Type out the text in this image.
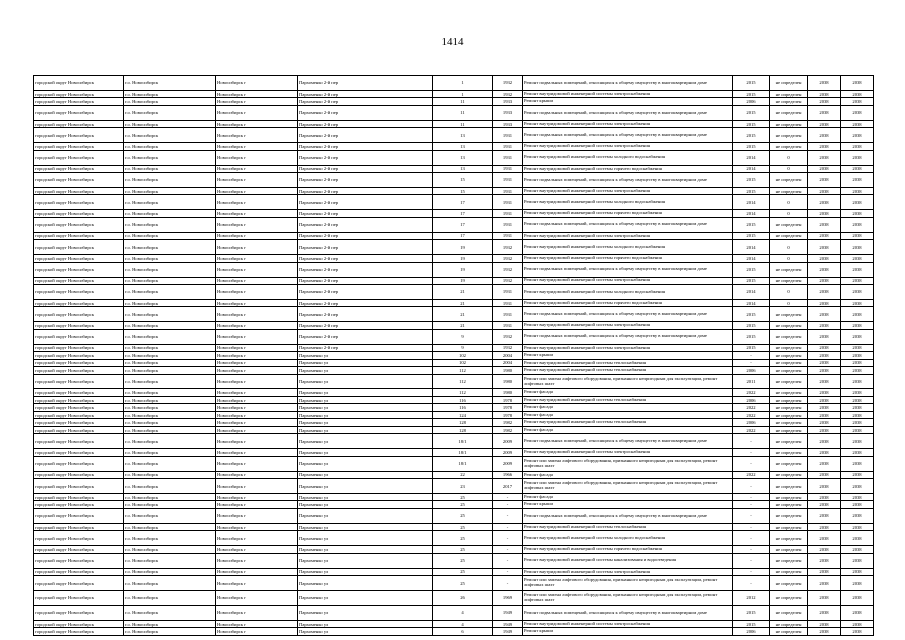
1414
городской округ Новосибирск	г.о. Новосибирск	Новосибирск г	Пархоменко 2-й пер	1	1932	Ремонт подвальных помещений, относящихся к общему имуществу в многоквартирном доме	2015	не определен	2038	2038
городской округ Новосибирск	г.о. Новосибирск	Новосибирск г	Пархоменко 2-й пер	1	1932	Ремонт внутридомовой инженерной системы электроснабжения	2015	не определен	2038	2038
городской округ Новосибирск	г.о. Новосибирск	Новосибирск г	Пархоменко 2-й пер	11	1933	Ремонт крыши	2006	не определен	2038	2038
городской округ Новосибирск	г.о. Новосибирск	Новосибирск г	Пархоменко 2-й пер	11	1933	Ремонт подвальных помещений, относящихся к общему имуществу в многоквартирном доме	2015	не определен	2038	2038
городской округ Новосибирск	г.о. Новосибирск	Новосибирск г	Пархоменко 2-й пер	11	1933	Ремонт внутридомовой инженерной системы электроснабжения	2015	не определен	2038	2038
городской округ Новосибирск	г.о. Новосибирск	Новосибирск г	Пархоменко 2-й пер	13	1931	Ремонт подвальных помещений, относящихся к общему имуществу в многоквартирном доме	2015	не определен	2038	2038
городской округ Новосибирск	г.о. Новосибирск	Новосибирск г	Пархоменко 2-й пер	13	1931	Ремонт внутридомовой инженерной системы электроснабжения	2015	не определен	2038	2038
городской округ Новосибирск	г.о. Новосибирск	Новосибирск г	Пархоменко 2-й пер	13	1931	Ремонт внутридомовой инженерной системы холодного водоснабжения	2014	0	2038	2038
городской округ Новосибирск	г.о. Новосибирск	Новосибирск г	Пархоменко 2-й пер	13	1931	Ремонт внутридомовой инженерной системы горячего водоснабжения	2014	0	2038	2038
городской округ Новосибирск	г.о. Новосибирск	Новосибирск г	Пархоменко 2-й пер	15	1931	Ремонт подвальных помещений, относящихся к общему имуществу в многоквартирном доме	2015	не определен	2038	2038
городской округ Новосибирск	г.о. Новосибирск	Новосибирск г	Пархоменко 2-й пер	15	1931	Ремонт внутридомовой инженерной системы электроснабжения	2015	не определен	2038	2038
городской округ Новосибирск	г.о. Новосибирск	Новосибирск г	Пархоменко 2-й пер	17	1931	Ремонт внутридомовой инженерной системы холодного водоснабжения	2014	0	2038	2038
городской округ Новосибирск	г.о. Новосибирск	Новосибирск г	Пархоменко 2-й пер	17	1931	Ремонт внутридомовой инженерной системы горячего водоснабжения	2014	0	2038	2038
городской округ Новосибирск	г.о. Новосибирск	Новосибирск г	Пархоменко 2-й пер	17	1931	Ремонт подвальных помещений, относящихся к общему имуществу в многоквартирном доме	2015	не определен	2038	2038
городской округ Новосибирск	г.о. Новосибирск	Новосибирск г	Пархоменко 2-й пер	17	1931	Ремонт внутридомовой инженерной системы электроснабжения	2015	не определен	2038	2038
городской округ Новосибирск	г.о. Новосибирск	Новосибирск г	Пархоменко 2-й пер	19	1932	Ремонт внутридомовой инженерной системы холодного водоснабжения	2014	0	2038	2038
городской округ Новосибирск	г.о. Новосибирск	Новосибирск г	Пархоменко 2-й пер	19	1932	Ремонт внутридомовой инженерной системы горячего водоснабжения	2014	0	2038	2038
городской округ Новосибирск	г.о. Новосибирск	Новосибирск г	Пархоменко 2-й пер	19	1932	Ремонт подвальных помещений, относящихся к общему имуществу в многоквартирном доме	2015	не определен	2038	2038
городской округ Новосибирск	г.о. Новосибирск	Новосибирск г	Пархоменко 2-й пер	19	1932	Ремонт внутридомовой инженерной системы электроснабжения	2015	не определен	2038	2038
городской округ Новосибирск	г.о. Новосибирск	Новосибирск г	Пархоменко 2-й пер	21	1931	Ремонт внутридомовой инженерной системы холодного водоснабжения	2014	0	2038	2038
городской округ Новосибирск	г.о. Новосибирск	Новосибирск г	Пархоменко 2-й пер	21	1931	Ремонт внутридомовой инженерной системы горячего водоснабжения	2014	0	2038	2038
городской округ Новосибирск	г.о. Новосибирск	Новосибирск г	Пархоменко 2-й пер	21	1931	Ремонт подвальных помещений, относящихся к общему имуществу в многоквартирном доме	2015	не определен	2038	2038
городской округ Новосибирск	г.о. Новосибирск	Новосибирск г	Пархоменко 2-й пер	21	1931	Ремонт внутридомовой инженерной системы электроснабжения	2015	не определен	2038	2038
городской округ Новосибирск	г.о. Новосибирск	Новосибирск г	Пархоменко 2-й пер	9	1932	Ремонт подвальных помещений, относящихся к общему имуществу в многоквартирном доме	2015	не определен	2038	2038
городской округ Новосибирск	г.о. Новосибирск	Новосибирск г	Пархоменко 2-й пер	9	1932	Ремонт внутридомовой инженерной системы электроснабжения	2015	не определен	2038	2038
городской округ Новосибирск	г.о. Новосибирск	Новосибирск г	Пархоменко ул	102	2004	Ремонт крыши	-	не определен	2038	2038
городской округ Новосибирск	г.о. Новосибирск	Новосибирск г	Пархоменко ул	102	2004	Ремонт внутридомовой инженерной системы теплоснабжения	-	не определен	2038	2038
городской округ Новосибирск	г.о. Новосибирск	Новосибирск г	Пархоменко ул	112	1980	Ремонт внутридомовой инженерной системы теплоснабжения	2006	не определен	2038	2038
городской округ Новосибирск	г.о. Новосибирск	Новосибирск г	Пархоменко ул	112	1980	Ремонт или замена лифтового оборудования, признанного непригодным для эксплуатации, ремонт лифтовых шахт	2011	не определен	2038	2038
городской округ Новосибирск	г.о. Новосибирск	Новосибирск г	Пархоменко ул	112	1980	Ремонт фасада	2022	не определен	2038	2038
городской округ Новосибирск	г.о. Новосибирск	Новосибирск г	Пархоменко ул	116	1978	Ремонт внутридомовой инженерной системы теплоснабжения	2006	не определен	2038	2038
городской округ Новосибирск	г.о. Новосибирск	Новосибирск г	Пархоменко ул	116	1978	Ремонт фасада	2022	не определен	2038	2038
городской округ Новосибирск	г.о. Новосибирск	Новосибирск г	Пархоменко ул	124	1978	Ремонт фасада	2022	не определен	2038	2038
городской округ Новосибирск	г.о. Новосибирск	Новосибирск г	Пархоменко ул	128	1982	Ремонт внутридомовой инженерной системы теплоснабжения	2006	не определен	2038	2038
городской округ Новосибирск	г.о. Новосибирск	Новосибирск г	Пархоменко ул	128	1982	Ремонт фасада	2022	не определен	2038	2038
городской округ Новосибирск	г.о. Новосибирск	Новосибирск г	Пархоменко ул	18/1	2009	Ремонт подвальных помещений, относящихся к общему имуществу в многоквартирном доме	-	не определен	2038	2038
городской округ Новосибирск	г.о. Новосибирск	Новосибирск г	Пархоменко ул	18/1	2009	Ремонт внутридомовой инженерной системы электроснабжения	-	не определен	2038	2038
городской округ Новосибирск	г.о. Новосибирск	Новосибирск г	Пархоменко ул	18/1	2009	Ремонт или замена лифтового оборудования, признанного непригодным для эксплуатации, ремонт лифтовых шахт	-	не определен	2038	2038
городской округ Новосибирск	г.о. Новосибирск	Новосибирск г	Пархоменко ул	22	1966	Ремонт фасада	2022	не определен	2038	2038
городской округ Новосибирск	г.о. Новосибирск	Новосибирск г	Пархоменко ул	23	2017	Ремонт или замена лифтового оборудования, признанного непригодным для эксплуатации, ремонт лифтовых шахт	-	не определен	2038	2038
городской округ Новосибирск	г.о. Новосибирск	Новосибирск г	Пархоменко ул	25	-	Ремонт фасада	-	не определен	2038	2038
городской округ Новосибирск	г.о. Новосибирск	Новосибирск г	Пархоменко ул	25	-	Ремонт крыши	-	не определен	2038	2038
городской округ Новосибирск	г.о. Новосибирск	Новосибирск г	Пархоменко ул	25	-	Ремонт подвальных помещений, относящихся к общему имуществу в многоквартирном доме	-	не определен	2038	2038
городской округ Новосибирск	г.о. Новосибирск	Новосибирск г	Пархоменко ул	25	-	Ремонт внутридомовой инженерной системы теплоснабжения	-	не определен	2038	2038
городской округ Новосибирск	г.о. Новосибирск	Новосибирск г	Пархоменко ул	25	-	Ремонт внутридомовой инженерной системы холодного водоснабжения	-	не определен	2038	2038
городской округ Новосибирск	г.о. Новосибирск	Новосибирск г	Пархоменко ул	25	-	Ремонт внутридомовой инженерной системы горячего водоснабжения	-	не определен	2038	2038
городской округ Новосибирск	г.о. Новосибирск	Новосибирск г	Пархоменко ул	25	-	Ремонт внутридомовой инженерной системы канализования и водоотведения	-	не определен	2038	2038
городской округ Новосибирск	г.о. Новосибирск	Новосибирск г	Пархоменко ул	25	-	Ремонт внутридомовой инженерной системы электроснабжения	-	не определен	2038	2038
городской округ Новосибирск	г.о. Новосибирск	Новосибирск г	Пархоменко ул	25	-	Ремонт или замена лифтового оборудования, признанного непригодным для эксплуатации, ремонт лифтовых шахт	-	не определен	2038	2038
городской округ Новосибирск	г.о. Новосибирск	Новосибирск г	Пархоменко ул	26	1969	Ремонт или замена лифтового оборудования, признанного непригодным для эксплуатации, ремонт лифтовых шахт	2012	не определен	2038	2038
городской округ Новосибирск	г.о. Новосибирск	Новосибирск г	Пархоменко ул	4	1949	Ремонт подвальных помещений, относящихся к общему имуществу в многоквартирном доме	2015	не определен	2038	2038
городской округ Новосибирск	г.о. Новосибирск	Новосибирск г	Пархоменко ул	4	1949	Ремонт внутридомовой инженерной системы электроснабжения	2015	не определен	2038	2038
городской округ Новосибирск	г.о. Новосибирск	Новосибирск г	Пархоменко ул	6	1949	Ремонт крыши	2006	не определен	2038	2038
